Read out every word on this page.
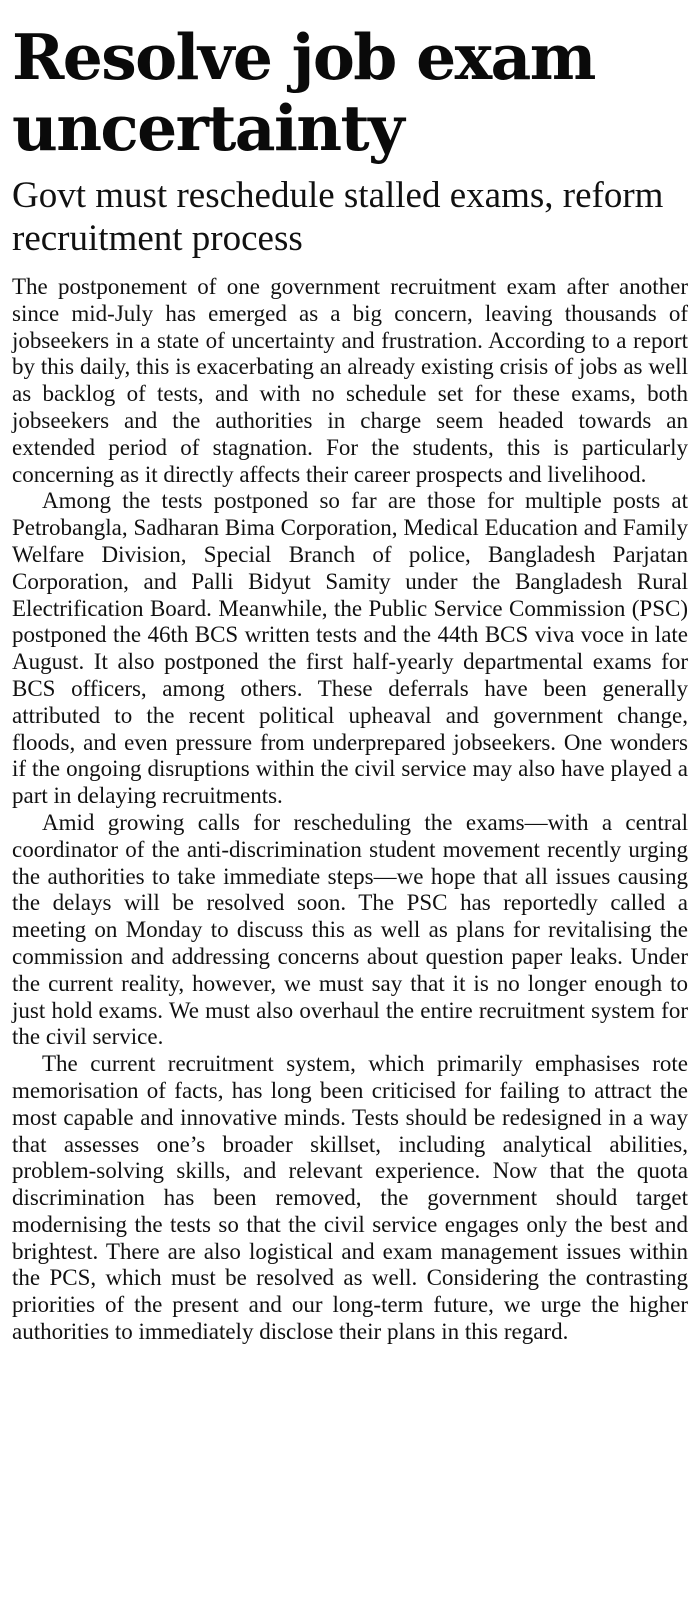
Resolve job exam uncertainty
Govt must reschedule stalled exams, reform recruitment process

The postponement of one government recruitment exam after another since mid-July has emerged as a big concern, leaving thousands of jobseekers in a state of uncertainty and frustration. According to a report by this daily, this is exacerbating an already existing crisis of jobs as well as backlog of tests, and with no schedule set for these exams, both jobseekers and the authorities in charge seem headed towards an extended period of stagnation. For the students, this is particularly concerning as it directly affects their career prospects and livelihood.

Among the tests postponed so far are those for multiple posts at Petrobangla, Sadharan Bima Corporation, Medical Education and Family Welfare Division, Special Branch of police, Bangladesh Parjatan Corporation, and Palli Bidyut Samity under the Bangladesh Rural Electrification Board. Meanwhile, the Public Service Commission (PSC) postponed the 46th BCS written tests and the 44th BCS viva voce in late August. It also postponed the first half-yearly departmental exams for BCS officers, among others. These deferrals have been generally attributed to the recent political upheaval and government change, floods, and even pressure from underprepared jobseekers. One wonders if the ongoing disruptions within the civil service may also have played a part in delaying recruitments.

Amid growing calls for rescheduling the exams—with a central coordinator of the anti-discrimination student movement recently urging the authorities to take immediate steps—we hope that all issues causing the delays will be resolved soon. The PSC has reportedly called a meeting on Monday to discuss this as well as plans for revitalising the commission and addressing concerns about question paper leaks. Under the current reality, however, we must say that it is no longer enough to just hold exams. We must also overhaul the entire recruitment system for the civil service.

The current recruitment system, which primarily emphasises rote memorisation of facts, has long been criticised for failing to attract the most capable and innovative minds. Tests should be redesigned in a way that assesses one’s broader skillset, including analytical abilities, problem-solving skills, and relevant experience. Now that the quota discrimination has been removed, the government should target modernising the tests so that the civil service engages only the best and brightest. There are also logistical and exam management issues within the PCS, which must be resolved as well. Considering the contrasting priorities of the present and our long-term future, we urge the higher authorities to immediately disclose their plans in this regard.
